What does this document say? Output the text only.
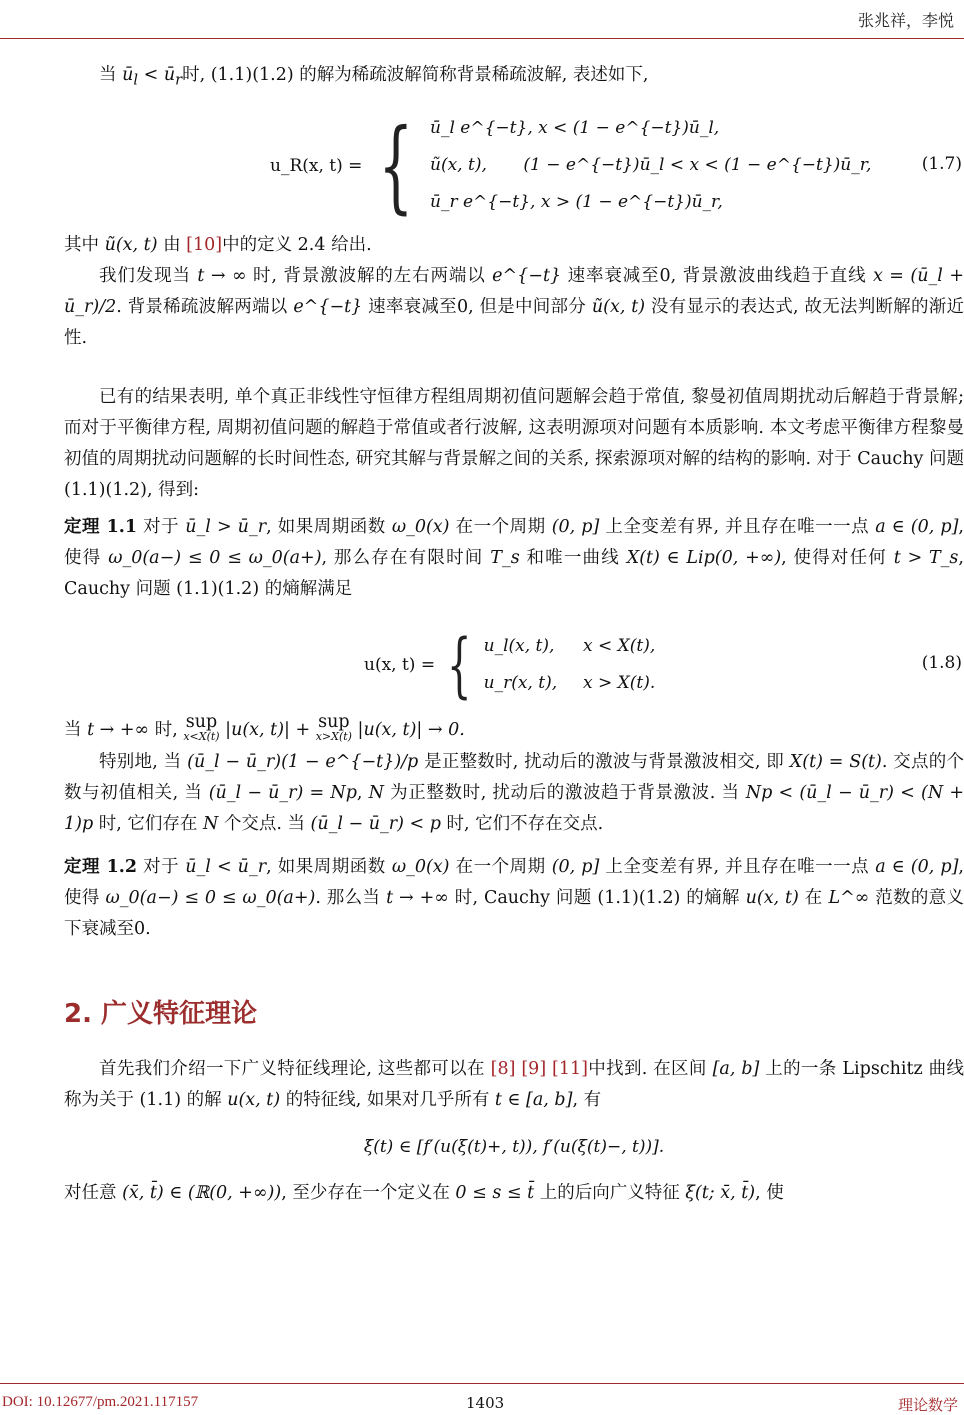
张兆祥，李悦

当 $ū_l$ < $ū_r$时, (1.1)(1.2) 的解为稀疏波解简称背景稀疏波解, 表述如下,

u_R(x, t) = { ū_l e^{−t}, x < (1 − e^{−t})ū_l,
ũ(x, t), (1 − e^{−t})ū_l < x < (1 − e^{−t})ū_r,
ū_r e^{−t}, x > (1 − e^{−t})ū_r,
(1.7)

其中 ũ(x, t) 由 [10]中的定义 2.4 给出.

我们发现当 t → ∞ 时, 背景激波解的左右两端以 e^{−t} 速率衰减至0, 背景激波曲线趋于直线 x = (ū_l + ū_r)/2. 背景稀疏波解两端以 e^{−t} 速率衰减至0, 但是中间部分 ũ(x, t) 没有显示的表达式, 故无法判断解的渐近性.

已有的结果表明, 单个真正非线性守恒律方程组周期初值问题解会趋于常值, 黎曼初值周期扰动后解趋于背景解; 而对于平衡律方程, 周期初值问题的解趋于常值或者行波解, 这表明源项对问题有本质影响. 本文考虑平衡律方程黎曼初值的周期扰动问题解的长时间性态, 研究其解与背景解之间的关系, 探索源项对解的结构的影响. 对于 Cauchy 问题 (1.1)(1.2), 得到:

定理 1.1 对于 ū_l > ū_r, 如果周期函数 ω_0(x) 在一个周期 (0, p] 上全变差有界, 并且存在唯一一点 a ∈ (0, p], 使得 ω_0(a−) ≤ 0 ≤ ω_0(a+), 那么存在有限时间 T_s 和唯一曲线 X(t) ∈ Lip(0, +∞), 使得对任何 t > T_s, Cauchy 问题 (1.1)(1.2) 的熵解满足

u(x, t) = { u_l(x, t), x < X(t),
u_r(x, t), x > X(t).
(1.8)

当 t → +∞ 时, sup
x<X(t) |u(x, t)| + sup
x>X(t) |u(x, t)| → 0.

特别地, 当 (ū_l − ū_r)(1 − e^{−t})/p 是正整数时, 扰动后的激波与背景激波相交, 即 X(t) = S(t). 交点的个数与初值相关, 当 (ū_l − ū_r) = Np, N 为正整数时, 扰动后的激波趋于背景激波. 当 Np < (ū_l − ū_r) < (N + 1)p 时, 它们存在 N 个交点. 当 (ū_l − ū_r) < p 时, 它们不存在交点.

定理 1.2 对于 ū_l < ū_r, 如果周期函数 ω_0(x) 在一个周期 (0, p] 上全变差有界, 并且存在唯一一点 a ∈ (0, p], 使得 ω_0(a−) ≤ 0 ≤ ω_0(a+). 那么当 t → +∞ 时, Cauchy 问题 (1.1)(1.2) 的熵解 u(x, t) 在 L^∞ 范数的意义下衰减至0.

2. 广义特征理论

首先我们介绍一下广义特征线理论, 这些都可以在 [8] [9] [11]中找到. 在区间 [a, b] 上的一条 Lipschitz 曲线称为关于 (1.1) 的解 u(x, t) 的特征线, 如果对几乎所有 t ∈ [a, b], 有

ξ̇(t) ∈ [f′(u(ξ(t)+, t)), f′(u(ξ(t)−, t))].

对任意 (x̄, t̄) ∈ (ℝ(0, +∞)), 至少存在一个定义在 0 ≤ s ≤ t̄ 上的后向广义特征 ξ(t; x̄, t̄), 使

DOI: 10.12677/pm.2021.117157	1403	理论数学
